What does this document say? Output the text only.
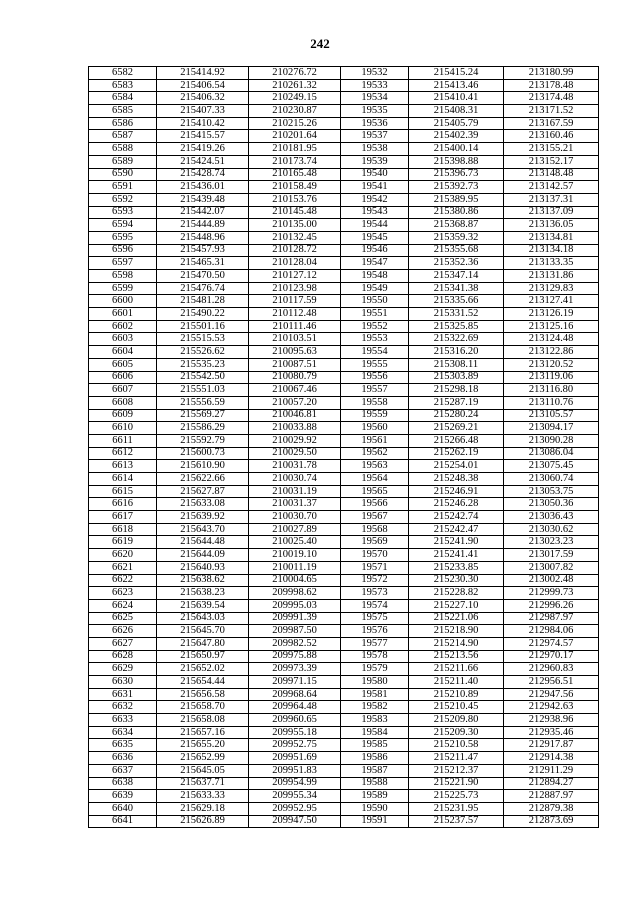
242
6582	215414.92	210276.72	19532	215415.24	213180.99
6583	215406.54	210261.32	19533	215413.46	213178.48
6584	215406.32	210249.15	19534	215410.41	213174.48
6585	215407.33	210230.87	19535	215408.31	213171.52
6586	215410.42	210215.26	19536	215405.79	213167.59
6587	215415.57	210201.64	19537	215402.39	213160.46
6588	215419.26	210181.95	19538	215400.14	213155.21
6589	215424.51	210173.74	19539	215398.88	213152.17
6590	215428.74	210165.48	19540	215396.73	213148.48
6591	215436.01	210158.49	19541	215392.73	213142.57
6592	215439.48	210153.76	19542	215389.95	213137.31
6593	215442.07	210145.48	19543	215380.86	213137.09
6594	215444.89	210135.00	19544	215368.87	213136.05
6595	215448.96	210132.45	19545	215359.32	213134.81
6596	215457.93	210128.72	19546	215355.68	213134.18
6597	215465.31	210128.04	19547	215352.36	213133.35
6598	215470.50	210127.12	19548	215347.14	213131.86
6599	215476.74	210123.98	19549	215341.38	213129.83
6600	215481.28	210117.59	19550	215335.66	213127.41
6601	215490.22	210112.48	19551	215331.52	213126.19
6602	215501.16	210111.46	19552	215325.85	213125.16
6603	215515.53	210103.51	19553	215322.69	213124.48
6604	215526.62	210095.63	19554	215316.20	213122.86
6605	215535.23	210087.51	19555	215308.11	213120.52
6606	215542.50	210080.79	19556	215303.89	213119.06
6607	215551.03	210067.46	19557	215298.18	213116.80
6608	215556.59	210057.20	19558	215287.19	213110.76
6609	215569.27	210046.81	19559	215280.24	213105.57
6610	215586.29	210033.88	19560	215269.21	213094.17
6611	215592.79	210029.92	19561	215266.48	213090.28
6612	215600.73	210029.50	19562	215262.19	213086.04
6613	215610.90	210031.78	19563	215254.01	213075.45
6614	215622.66	210030.74	19564	215248.38	213060.74
6615	215627.87	210031.19	19565	215246.91	213053.75
6616	215633.08	210031.37	19566	215246.28	213050.36
6617	215639.92	210030.70	19567	215242.74	213036.43
6618	215643.70	210027.89	19568	215242.47	213030.62
6619	215644.48	210025.40	19569	215241.90	213023.23
6620	215644.09	210019.10	19570	215241.41	213017.59
6621	215640.93	210011.19	19571	215233.85	213007.82
6622	215638.62	210004.65	19572	215230.30	213002.48
6623	215638.23	209998.62	19573	215228.82	212999.73
6624	215639.54	209995.03	19574	215227.10	212996.26
6625	215643.03	209991.39	19575	215221.06	212987.97
6626	215645.70	209987.50	19576	215218.90	212984.06
6627	215647.80	209982.52	19577	215214.90	212974.57
6628	215650.97	209975.88	19578	215213.56	212970.17
6629	215652.02	209973.39	19579	215211.66	212960.83
6630	215654.44	209971.15	19580	215211.40	212956.51
6631	215656.58	209968.64	19581	215210.89	212947.56
6632	215658.70	209964.48	19582	215210.45	212942.63
6633	215658.08	209960.65	19583	215209.80	212938.96
6634	215657.16	209955.18	19584	215209.30	212935.46
6635	215655.20	209952.75	19585	215210.58	212917.87
6636	215652.99	209951.69	19586	215211.47	212914.38
6637	215645.05	209951.83	19587	215212.37	212911.29
6638	215637.71	209954.99	19588	215221.90	212894.27
6639	215633.33	209955.34	19589	215225.73	212887.97
6640	215629.18	209952.95	19590	215231.95	212879.38
6641	215626.89	209947.50	19591	215237.57	212873.69
